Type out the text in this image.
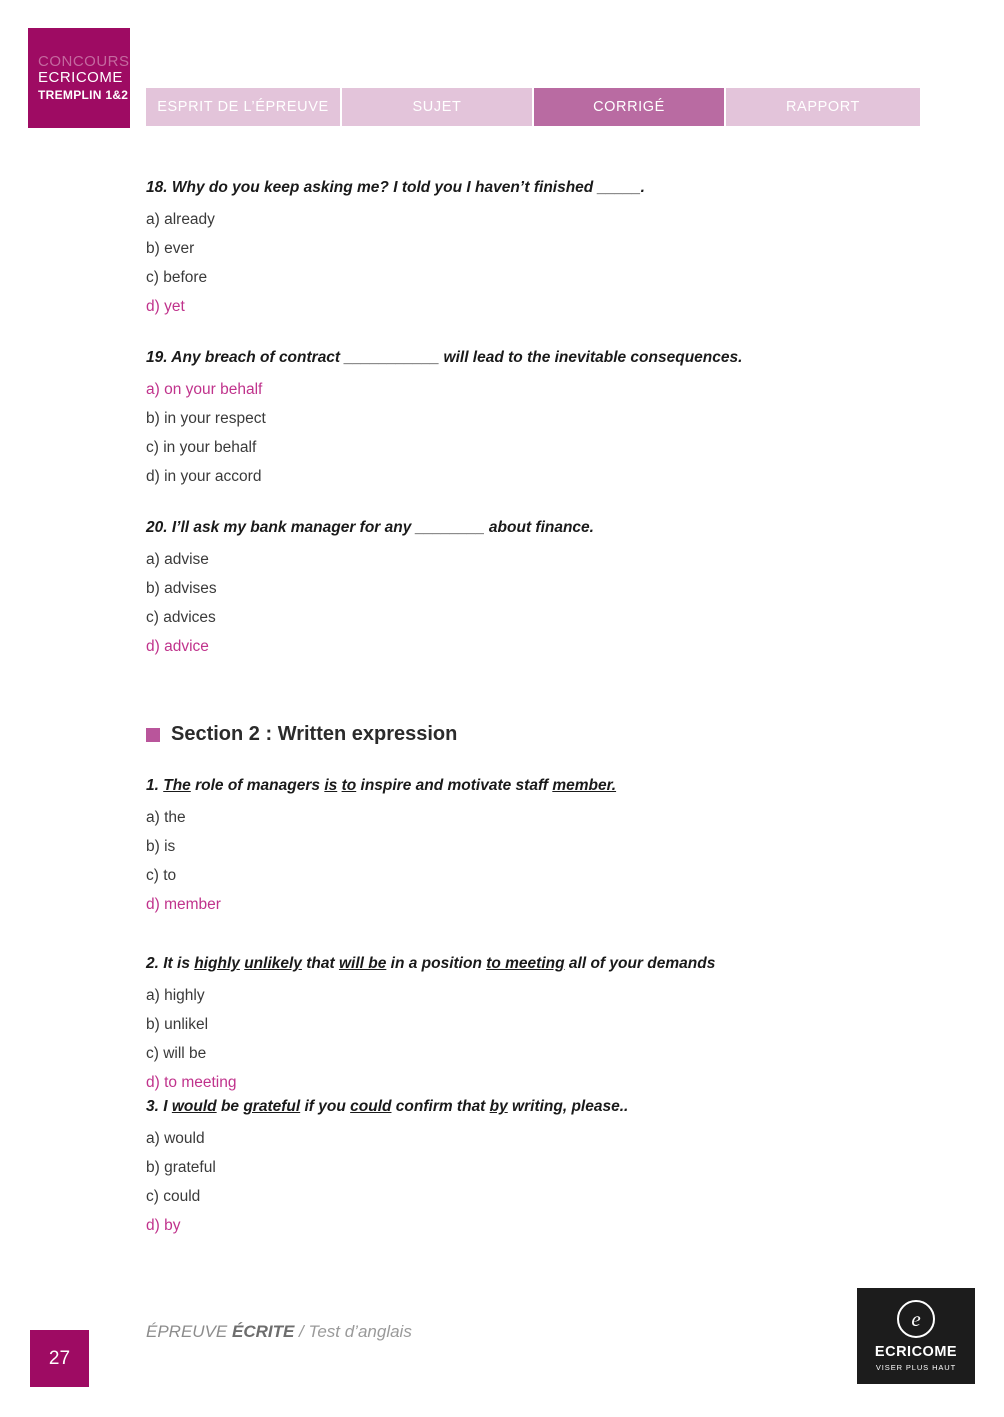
CONCOURS
ECRICOME
TREMPLIN 1&2
ESPRIT DE L’ÉPREUVE	SUJET	CORRIGÉ	RAPPORT

18. Why do you keep asking me? I told you I haven’t finished _____.

a) already

b) ever

c) before

d) yet

19. Any breach of contract ___________ will lead to the inevitable consequences.

a) on your behalf

b) in your respect

c) in your behalf

d) in your accord

20. I’ll ask my bank manager for any ________ about finance.

a) advise

b) advises

c) advices

d) advice

Section 2 : Written expression

1. The role of managers is to inspire and motivate staff member.

a) the

b) is

c) to

d) member

2. It is highly unlikely that will be in a position to meeting all of your demands

a) highly

b) unlikel

c) will be

d) to meeting

3. I would be grateful if you could confirm that by writing, please..

a) would

b) grateful

c) could

d) by

27
ÉPREUVE ÉCRITE / Test d’anglais
e
ECRICOME
VISER PLUS HAUT
